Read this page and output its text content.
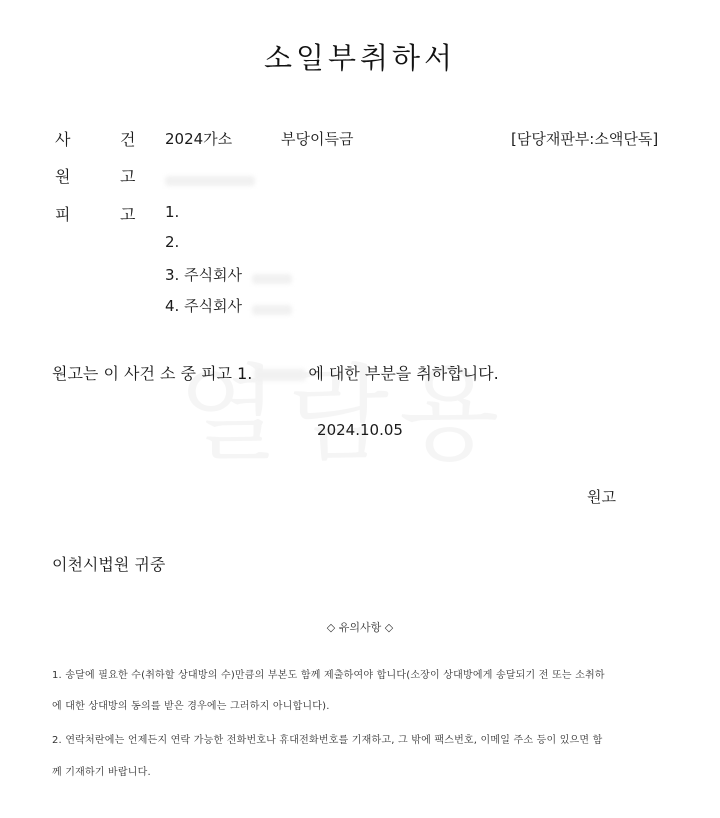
소일부취하서
사	건 2024가소	부당이득금	[담당재판부:소액단독]
원	고
피	고 1.
2.
3. 주식회사
4. 주식회사
원고는 이 사건 소 중 피고 1.	에 대한 부분을 취하합니다.
2024.10.05
원고
이천시법원 귀중
◇ 유의사항 ◇
1. 송달에 필요한 수(취하할 상대방의 수)만큼의 부본도 함께 제출하여야 합니다(소장이 상대방에게 송달되기 전 또는 소취하
에 대한 상대방의 동의를 받은 경우에는 그러하지 아니합니다).
2. 연락처란에는 언제든지 연락 가능한 전화번호나 휴대전화번호를 기재하고, 그 밖에 팩스번호, 이메일 주소 등이 있으면 함
께 기재하기 바랍니다.
